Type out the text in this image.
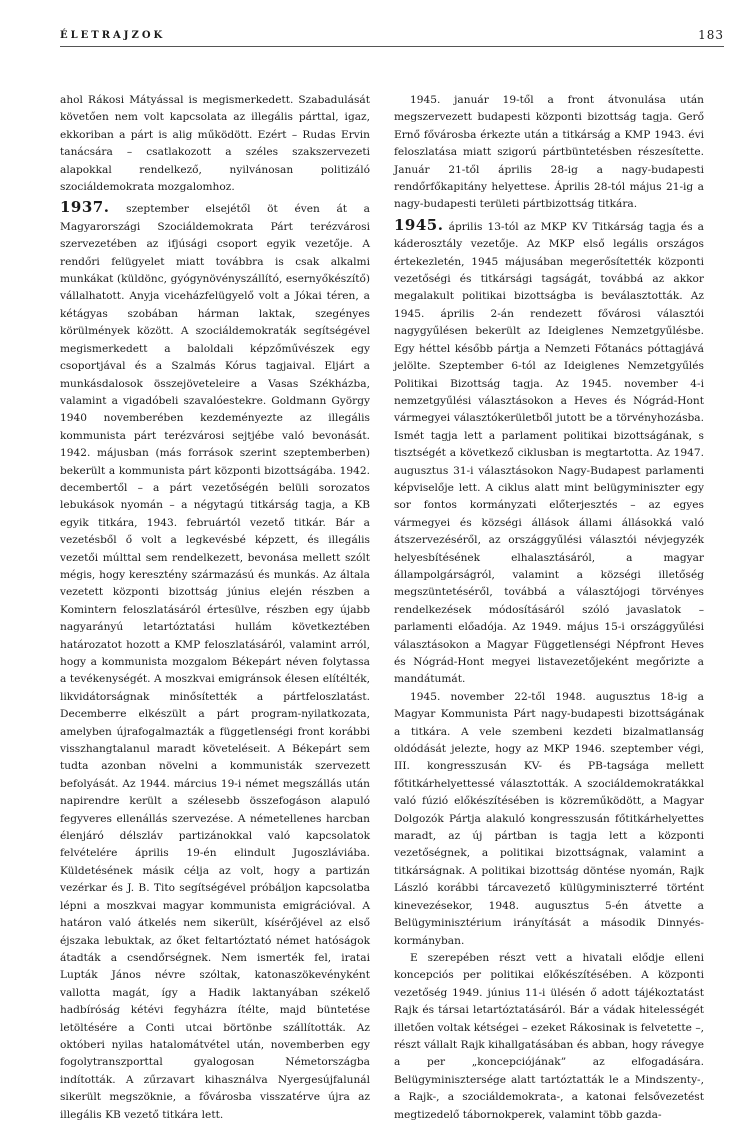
ÉLETRAJZOK	183

ahol Rákosi Mátyással is megismerkedett. Szabadulását követően nem volt kapcsolata az illegális párttal, igaz, ekkoriban a párt is alig működött. Ezért – Rudas Ervin tanácsára – csatlakozott a széles szakszervezeti alapokkal rendelkező, nyilvánosan politizáló szociáldemokrata mozgalomhoz.

1937. szeptember elsejétől öt éven át a Magyarországi Szociáldemokrata Párt terézvárosi szervezetében az ifjúsági csoport egyik vezetője. A rendőri felügyelet miatt továbbra is csak alkalmi munkákat (küldönc, gyógynövényszállító, esernyőkészítő) vállalhatott. Anyja viceházfelügyelő volt a Jókai téren, a kétágyas szobában hárman laktak, szegényes körülmények között. A szociáldemokraták segítségével megismerkedett a baloldali képzőművészek egy csoportjával és a Szalmás Kórus tagjaival. Eljárt a munkásdalosok összejöveteleire a Vasas Székházba, valamint a vigadóbeli szavalóestekre. Goldmann György 1940 novemberében kezdeményezte az illegális kommunista párt terézvárosi sejtjébe való bevonását. 1942. májusban (más források szerint szeptemberben) bekerült a kommunista párt központi bizottságába. 1942. decembertől – a párt vezetőségén belüli sorozatos lebukások nyomán – a négytagú titkárság tagja, a KB egyik titkára, 1943. februártól vezető titkár. Bár a vezetésből ő volt a legkevésbé képzett, és illegális vezetői múlttal sem rendelkezett, bevonása mellett szólt mégis, hogy keresztény származású és munkás. Az általa vezetett központi bizottság június elején részben a Komintern feloszlatásáról értesülve, részben egy újabb nagyarányú letartóztatási hullám következtében határozatot hozott a KMP feloszlatásáról, valamint arról, hogy a kommunista mozgalom Békepárt néven folytassa a tevékenységét. A moszkvai emigránsok élesen elítélték, likvidátorságnak minősítették a pártfeloszlatást. Decemberre elkészült a párt program-nyilatkozata, amelyben újrafogalmazták a függetlenségi front korábbi visszhangtalanul maradt követeléseit. A Békepárt sem tudta azonban növelni a kommunisták szervezett befolyását. Az 1944. március 19-i német megszállás után napirendre került a szélesebb összefogáson alapuló fegyveres ellenállás szervezése. A németellenes harcban élenjáró délszláv partizánokkal való kapcsolatok felvételére április 19-én elindult Jugoszláviába. Küldetésének másik célja az volt, hogy a partizán vezérkar és J. B. Tito segítségével próbáljon kapcsolatba lépni a moszkvai magyar kommunista emigrációval. A határon való átkelés nem sikerült, kísérőjével az első éjszaka lebuktak, az őket feltartóztató német hatóságok átadták a csendőrségnek. Nem ismerték fel, iratai Lupták János névre szóltak, katonaszökevényként vallotta magát, így a Hadik laktanyában székelő hadbíróság kétévi fegyházra ítélte, majd büntetése letöltésére a Conti utcai börtönbe szállították. Az októberi nyilas hatalomátvétel után, novemberben egy fogolytranszporttal gyalogosan Németországba indították. A zűrzavart kihasználva Nyergesújfalunál sikerült megszöknie, a fővárosba visszatérve újra az illegális KB vezető titkára lett.

1945. január 19-től a front átvonulása után megszervezett budapesti központi bizottság tagja. Gerő Ernő fővárosba érkezte után a titkárság a KMP 1943. évi feloszlatása miatt szigorú pártbüntetésben részesítette. Január 21-től április 28-ig a nagy-budapesti rendőrfőkapitány helyettese. Április 28-tól május 21-ig a nagy-budapesti területi pártbizottság titkára.

1945. április 13-tól az MKP KV Titkárság tagja és a káderosztály vezetője. Az MKP első legális országos értekezletén, 1945 májusában megerősítették központi vezetőségi és titkársági tagságát, továbbá az akkor megalakult politikai bizottságba is beválasztották. Az 1945. április 2-án rendezett fővárosi választói nagygyűlésen bekerült az Ideiglenes Nemzetgyűlésbe. Egy héttel később pártja a Nemzeti Főtanács póttagjává jelölte. Szeptember 6-tól az Ideiglenes Nemzetgyűlés Politikai Bizottság tagja. Az 1945. november 4-i nemzetgyűlési választásokon a Heves és Nógrád-Hont vármegyei választókerületből jutott be a törvényhozásba. Ismét tagja lett a parlament politikai bizottságának, s tisztségét a következő ciklusban is megtartotta. Az 1947. augusztus 31-i választásokon Nagy-Budapest parlamenti képviselője lett. A ciklus alatt mint belügyminiszter egy sor fontos kormányzati előterjesztés – az egyes vármegyei és községi állások állami állásokká való átszervezéséről, az országgyűlési választói névjegyzék helyesbítésének elhalasztásáról, a magyar állampolgárságról, valamint a községi illetőség megszüntetéséről, továbbá a választójogi törvényes rendelkezések módosításáról szóló javaslatok – parlamenti előadója. Az 1949. május 15-i országgyűlési választásokon a Magyar Függetlenségi Népfront Heves és Nógrád-Hont megyei listavezetőjeként megőrizte a mandátumát.

1945. november 22-től 1948. augusztus 18-ig a Magyar Kommunista Párt nagy-budapesti bizottságának a titkára. A vele szembeni kezdeti bizalmatlanság oldódását jelezte, hogy az MKP 1946. szeptember végi, III. kongresszusán KV- és PB-tagsága mellett főtitkárhelyettessé választották. A szociáldemokratákkal való fúzió előkészítésében is közreműködött, a Magyar Dolgozók Pártja alakuló kongresszusán főtitkárhelyettes maradt, az új pártban is tagja lett a központi vezetőségnek, a politikai bizottságnak, valamint a titkárságnak. A politikai bizottság döntése nyomán, Rajk László korábbi tárcavezető külügyminiszterré történt kinevezésekor, 1948. augusztus 5-én átvette a Belügyminisztérium irányítását a második Dinnyés-kormányban.

E szerepében részt vett a hivatali elődje elleni koncepciós per politikai előkészítésében. A központi vezetőség 1949. június 11-i ülésén ő adott tájékoztatást Rajk és társai letartóztatásáról. Bár a vádak hitelességét illetően voltak kétségei – ezeket Rákosinak is felvetette –, részt vállalt Rajk kihallgatásában és abban, hogy rávegye a per „koncepciójának” az elfogadására. Belügyminisztersége alatt tartóztatták le a Mindszenty-, a Rajk-, a szociáldemokrata-, a katonai felsővezetést megtizedelő tábornokperek, valamint több gazda-
